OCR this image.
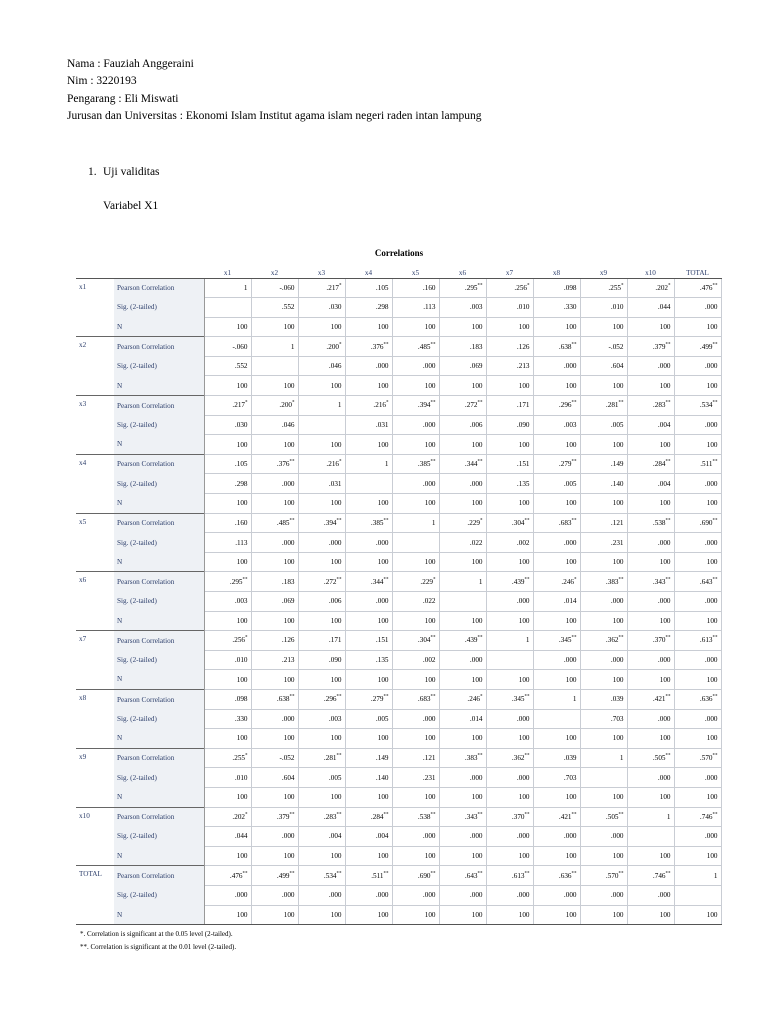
Nama : Fauziah Anggeraini
Nim : 3220193
Pengarang : Eli Miswati
Jurusan dan Universitas : Ekonomi Islam Institut agama islam negeri raden intan lampung
1. Uji validitas
Variabel X1
Correlations
		x1	x2	x3	x4	x5	x6	x7	x8	x9	x10	TOTAL
x1	Pearson Correlation	1	-.060	.217*	.105	.160	.295**	.256*	.098	.255*	.202*	.476**
	Sig. (2-tailed)		.552	.030	.298	.113	.003	.010	.330	.010	.044	.000
	N	100	100	100	100	100	100	100	100	100	100	100
x2	Pearson Correlation	-.060	1	.200*	.376**	.485**	.183	.126	.638**	-.052	.379**	.499**
	Sig. (2-tailed)	.552		.046	.000	.000	.069	.213	.000	.604	.000	.000
	N	100	100	100	100	100	100	100	100	100	100	100
x3	Pearson Correlation	.217*	.200*	1	.216*	.394**	.272**	.171	.296**	.281**	.283**	.534**
	Sig. (2-tailed)	.030	.046		.031	.000	.006	.090	.003	.005	.004	.000
	N	100	100	100	100	100	100	100	100	100	100	100
x4	Pearson Correlation	.105	.376**	.216*	1	.385**	.344**	.151	.279**	.149	.284**	.511**
	Sig. (2-tailed)	.298	.000	.031		.000	.000	.135	.005	.140	.004	.000
	N	100	100	100	100	100	100	100	100	100	100	100
x5	Pearson Correlation	.160	.485**	.394**	.385**	1	.229*	.304**	.683**	.121	.538**	.690**
	Sig. (2-tailed)	.113	.000	.000	.000		.022	.002	.000	.231	.000	.000
	N	100	100	100	100	100	100	100	100	100	100	100
x6	Pearson Correlation	.295**	.183	.272**	.344**	.229*	1	.439**	.246*	.383**	.343**	.643**
	Sig. (2-tailed)	.003	.069	.006	.000	.022		.000	.014	.000	.000	.000
	N	100	100	100	100	100	100	100	100	100	100	100
x7	Pearson Correlation	.256*	.126	.171	.151	.304**	.439**	1	.345**	.362**	.370**	.613**
	Sig. (2-tailed)	.010	.213	.090	.135	.002	.000		.000	.000	.000	.000
	N	100	100	100	100	100	100	100	100	100	100	100
x8	Pearson Correlation	.098	.638**	.296**	.279**	.683**	.246*	.345**	1	.039	.421**	.636**
	Sig. (2-tailed)	.330	.000	.003	.005	.000	.014	.000		.703	.000	.000
	N	100	100	100	100	100	100	100	100	100	100	100
x9	Pearson Correlation	.255*	-.052	.281**	.149	.121	.383**	.362**	.039	1	.505**	.570**
	Sig. (2-tailed)	.010	.604	.005	.140	.231	.000	.000	.703		.000	.000
	N	100	100	100	100	100	100	100	100	100	100	100
x10	Pearson Correlation	.202*	.379**	.283**	.284**	.538**	.343**	.370**	.421**	.505**	1	.746**
	Sig. (2-tailed)	.044	.000	.004	.004	.000	.000	.000	.000	.000		.000
	N	100	100	100	100	100	100	100	100	100	100	100
TOTAL	Pearson Correlation	.476**	.499**	.534**	.511**	.690**	.643**	.613**	.636**	.570**	.746**	1
	Sig. (2-tailed)	.000	.000	.000	.000	.000	.000	.000	.000	.000	.000	
	N	100	100	100	100	100	100	100	100	100	100	100
*. Correlation is significant at the 0.05 level (2-tailed).
**. Correlation is significant at the 0.01 level (2-tailed).
